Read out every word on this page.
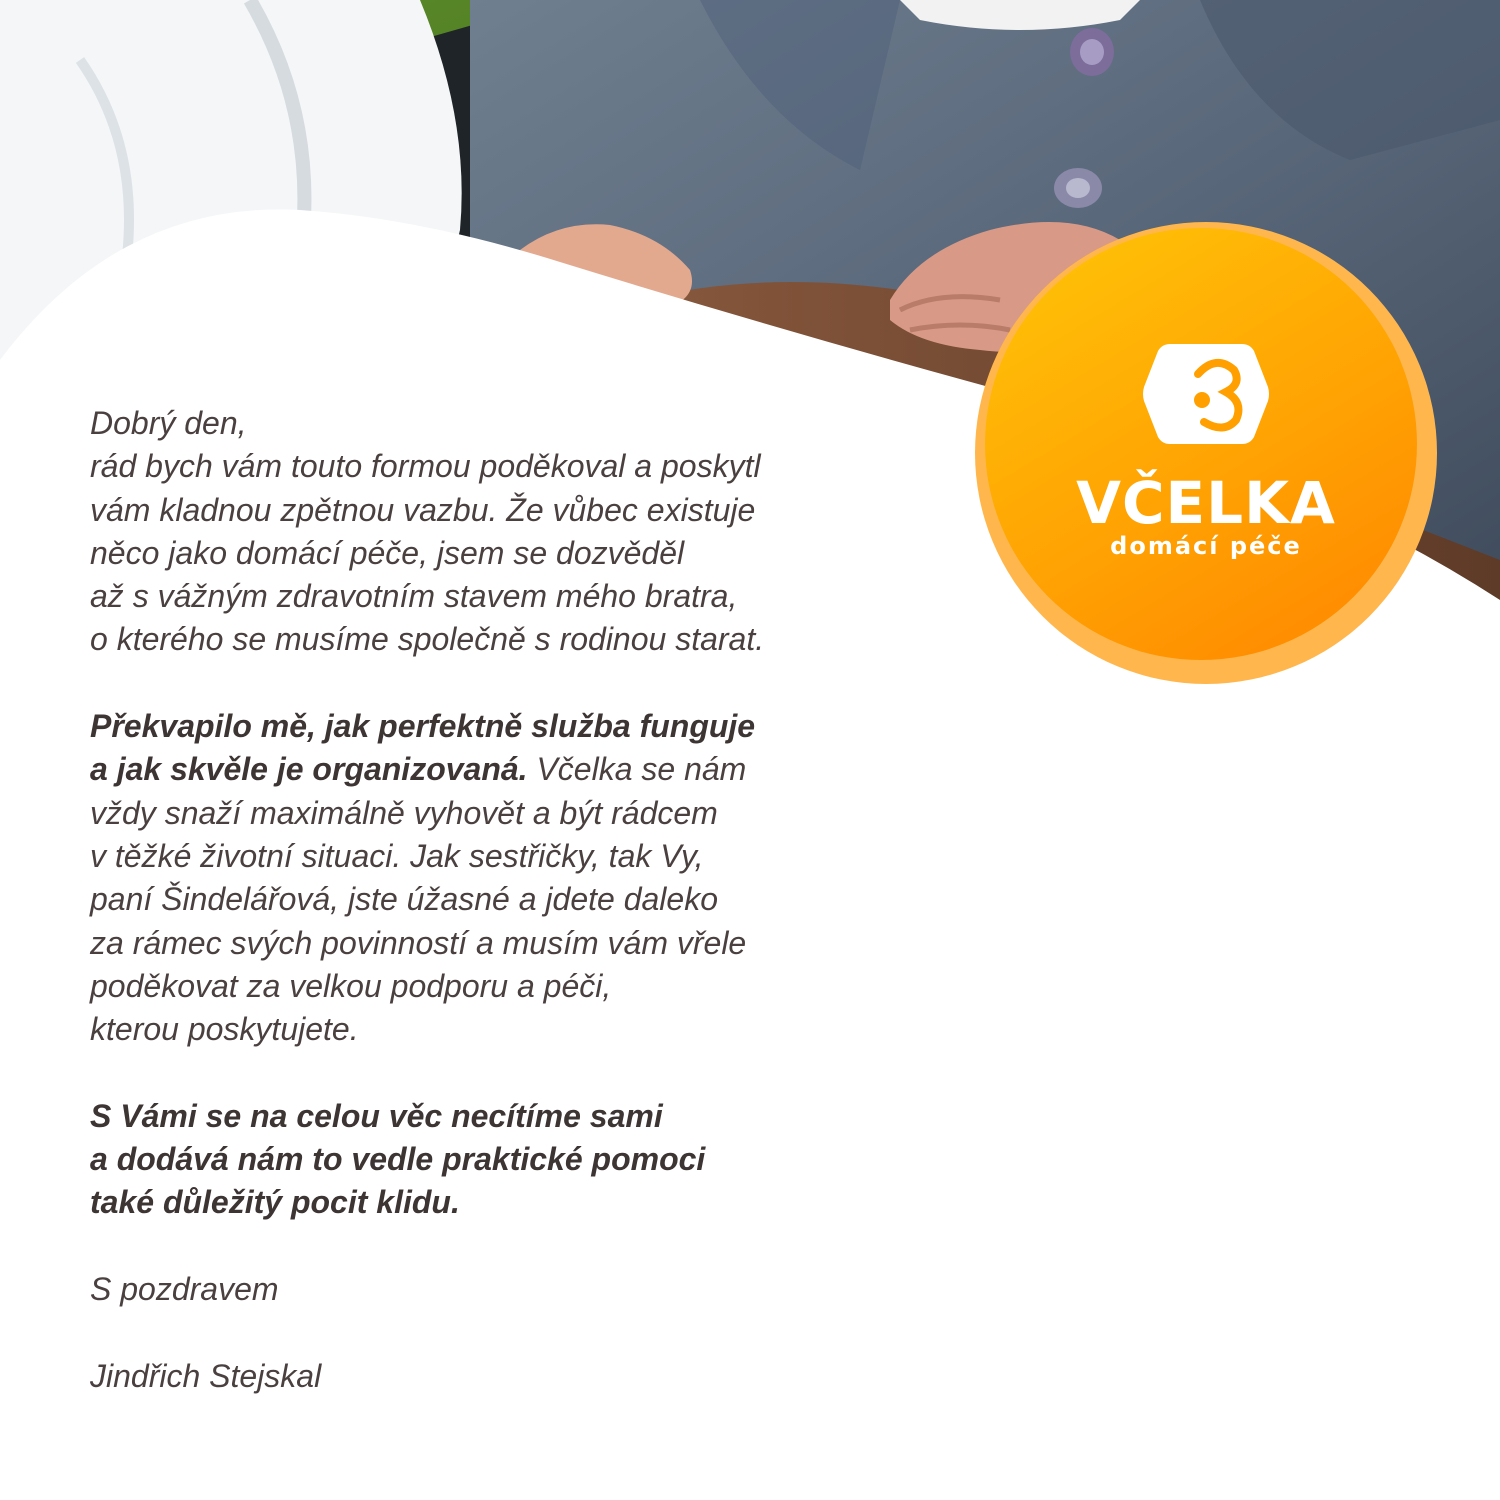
VČELKA
domácí péče

Dobrý den,

rád bych vám touto formou poděkoval a poskytl

vám kladnou zpětnou vazbu. Že vůbec existuje

něco jako domácí péče, jsem se dozvěděl

až s vážným zdravotním stavem mého bratra,

o kterého se musíme společně s rodinou starat.

Překvapilo mě, jak perfektně služba funguje

a jak skvěle je organizovaná. Včelka se nám

vždy snaží maximálně vyhovět a být rádcem

v těžké životní situaci. Jak sestřičky, tak Vy,

paní Šindelářová, jste úžasné a jdete daleko

za rámec svých povinností a musím vám vřele

poděkovat za velkou podporu a péči,

kterou poskytujete.

S Vámi se na celou věc necítíme sami

a dodává nám to vedle praktické pomoci

také důležitý pocit klidu.

S pozdravem

Jindřich Stejskal
